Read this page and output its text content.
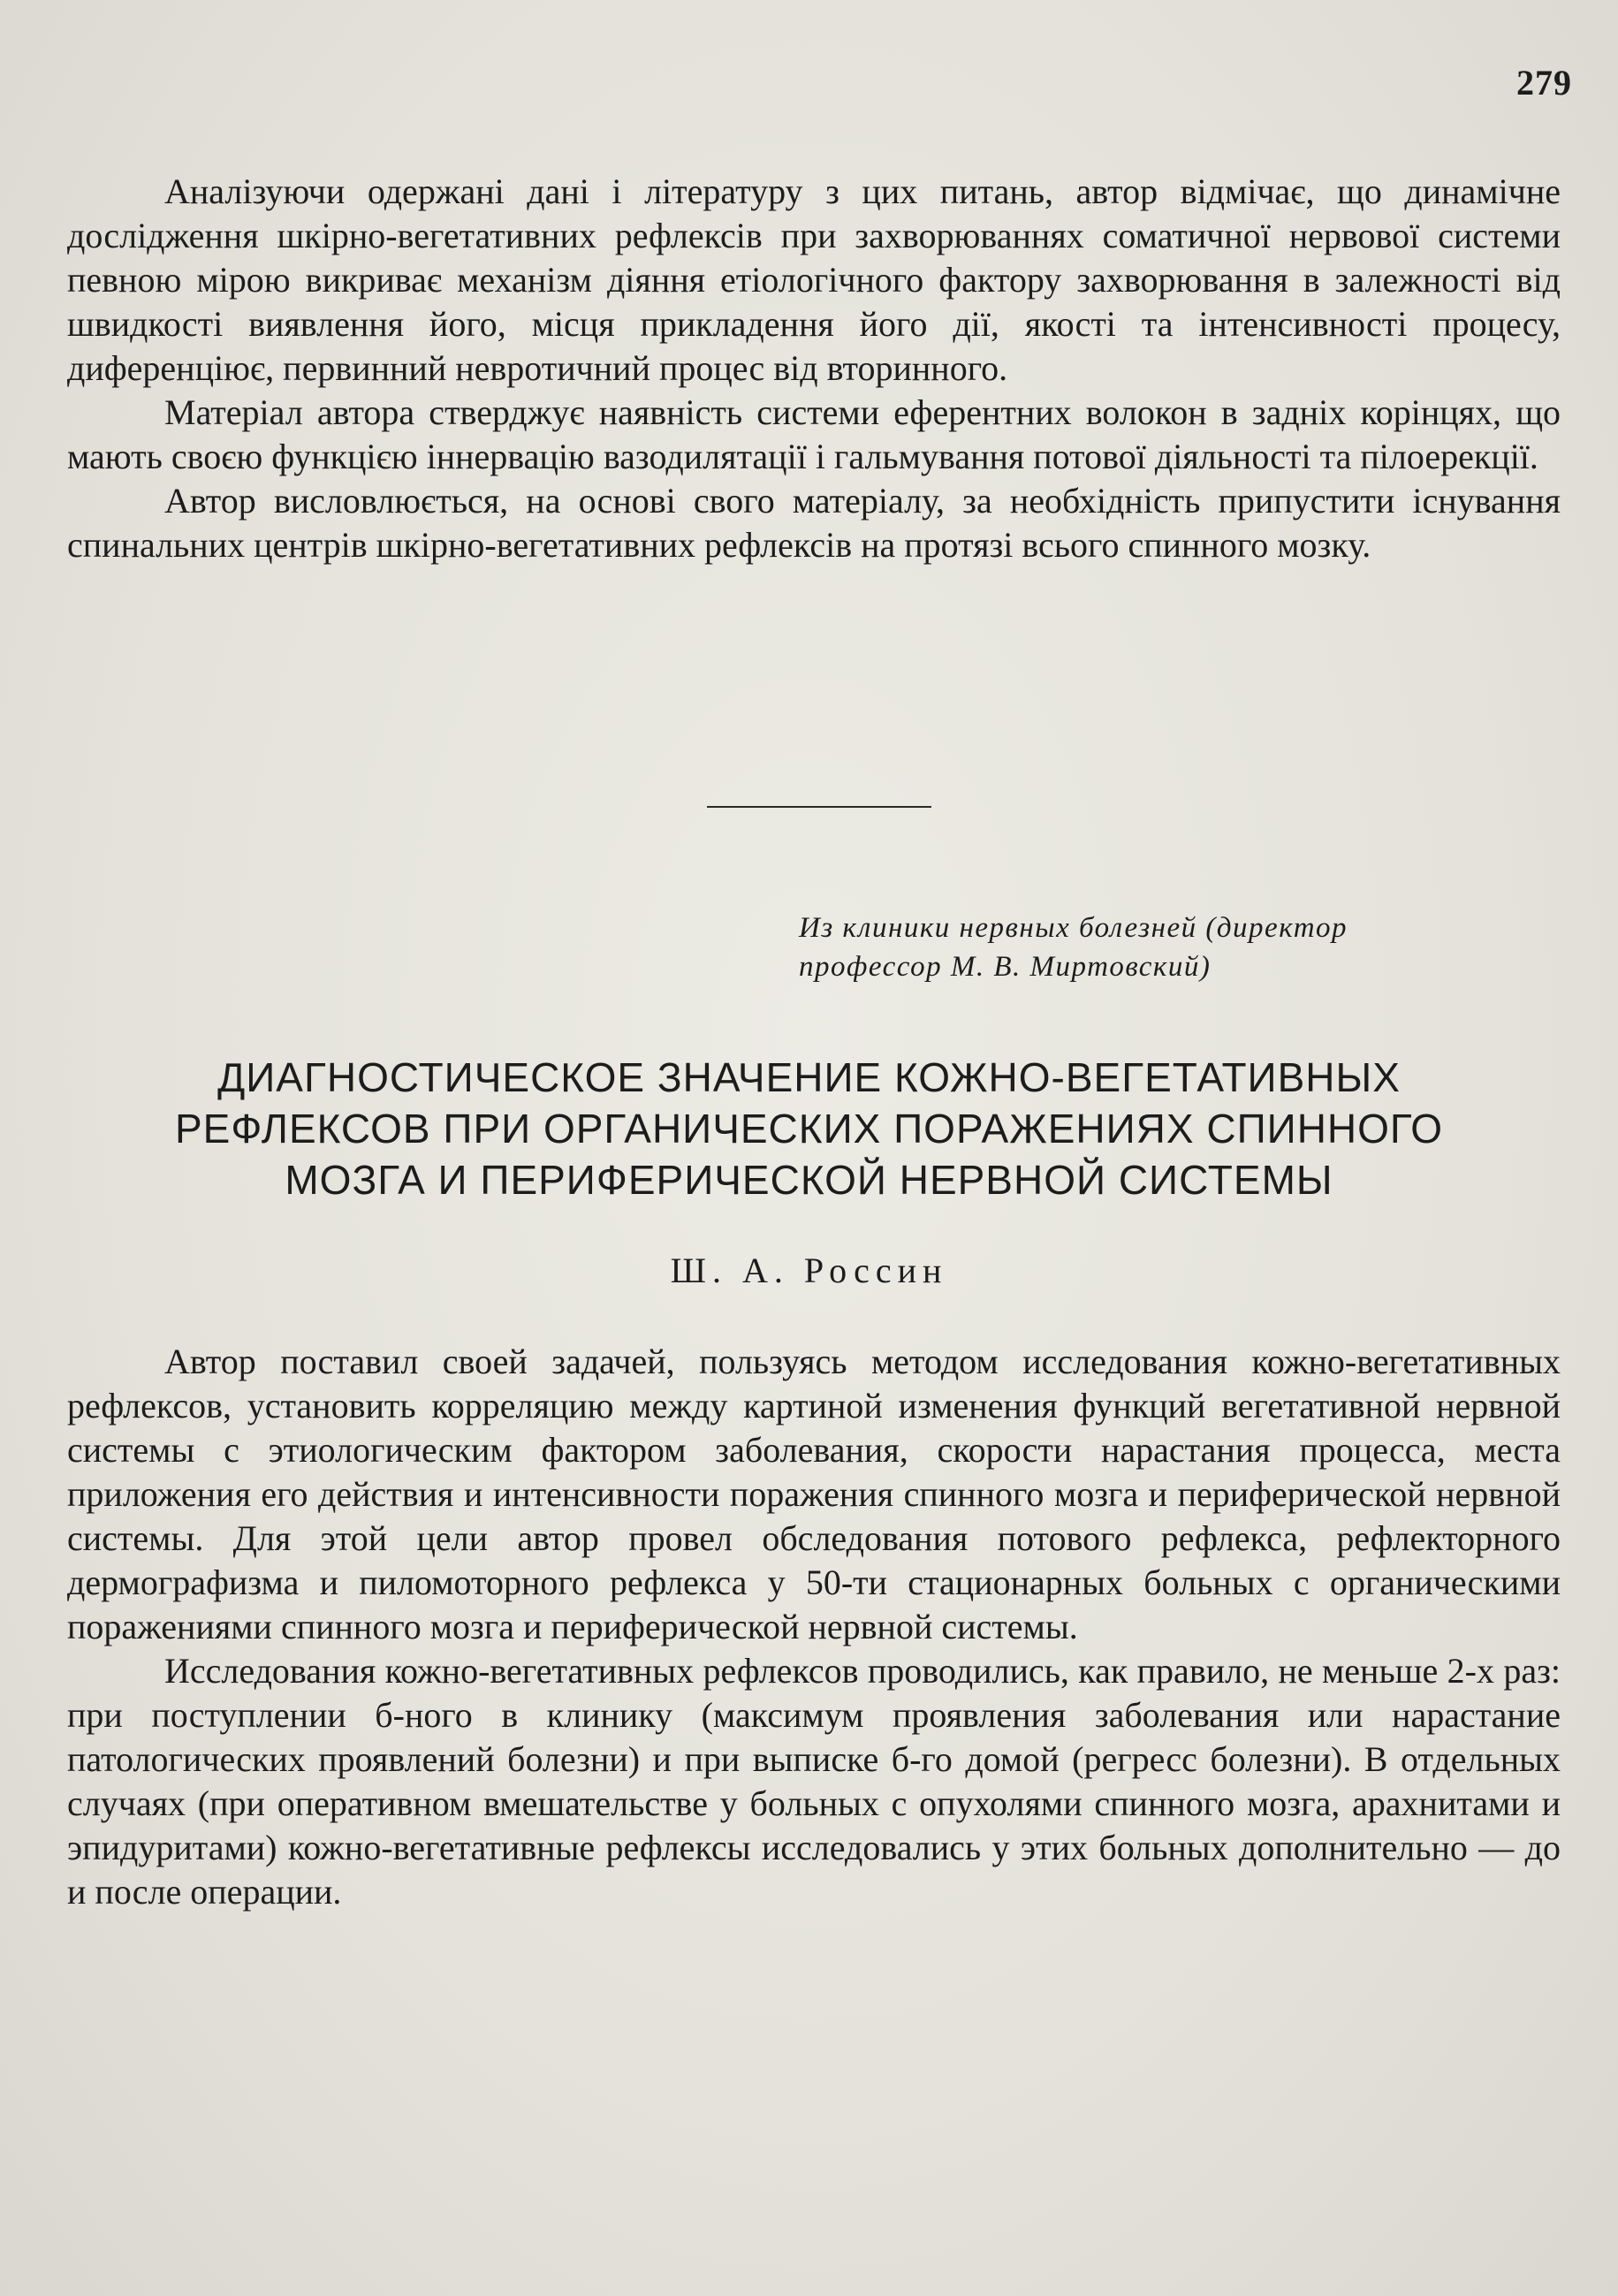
279

Аналізуючи одержані дані і літературу з цих питань, автор відмічає, що динамічне дослідження шкірно-вегетативних рефлексів при захворюваннях соматичної нервової системи певною мірою викриває механізм діяння етіологічного фактору захворювання в залежності від швидкості виявлення його, місця прикладення його дії, якості та інтенсивності процесу, диференціює, первинний невротичний процес від вторинного.

Матеріал автора стверджує наявність системи еферентних волокон в задніх корінцях, що мають своєю функцією іннервацію вазодилятації і гальмування потової діяльності та пілоерекції.

Автор висловлюється, на основі свого матеріалу, за необхідність припустити існування спинальних центрів шкірно-вегетативних рефлексів на протязі всього спинного мозку.

Из клиники нервных болезней (директор
профессор М. В. Миртовский)
ДИАГНОСТИЧЕСКОЕ ЗНАЧЕНИЕ КОЖНО-ВЕГЕТАТИВНЫХ
РЕФЛЕКСОВ ПРИ ОРГАНИЧЕСКИХ ПОРАЖЕНИЯХ СПИННОГО
МОЗГА И ПЕРИФЕРИЧЕСКОЙ НЕРВНОЙ СИСТЕМЫ
Ш. А. Россин

Автор поставил своей задачей, пользуясь методом исследования кожно-вегетативных рефлексов, установить корреляцию между картиной изменения функций вегетативной нервной системы с этиологическим фактором заболевания, скорости нарастания процесса, места приложения его действия и интенсивности поражения спинного мозга и периферической нервной системы. Для этой цели автор провел обследования потового рефлекса, рефлекторного дермографизма и пиломоторного рефлекса у 50-ти стационарных больных с органическими поражениями спинного мозга и периферической нервной системы.

Исследования кожно-вегетативных рефлексов проводились, как правило, не меньше 2-х раз: при поступлении б-ного в клинику (максимум проявления заболевания или нарастание патологических проявлений болезни) и при выписке б-го домой (регресс болезни). В отдельных случаях (при оперативном вмешательстве у больных с опухолями спинного мозга, арахнитами и эпидуритами) кожно-вегетативные рефлексы исследовались у этих больных дополнительно — до и после операции.
